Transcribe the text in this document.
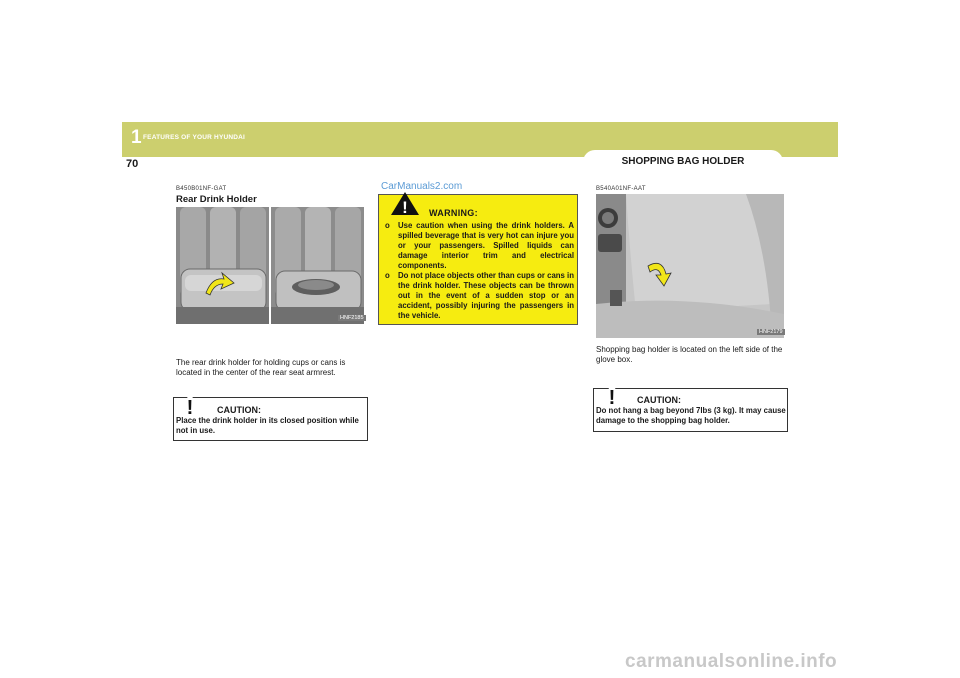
1 FEATURES OF YOUR HYUNDAI
70	SHOPPING BAG HOLDER
B450B01NF-GAT
Rear Drink Holder
HNF2185
The rear drink holder for holding cups or cans is located in the center of the rear seat armrest.
!	CAUTION:
Place the drink holder in its closed position while not in use.
CarManuals2.com
! WARNING:
o Use caution when using the drink holders. A spilled beverage that is very hot can injure you or your passengers. Spilled liquids can damage interior trim and electrical components.
o Do not place objects other than cups or cans in the drink holder. These objects can be thrown out in the event of a sudden stop or an accident, possibly injuring the passengers in the vehicle.
B540A01NF-AAT
HNF2179
Shopping bag holder is located on the left side of the glove box.
! CAUTION:
Do not hang a bag beyond 7lbs (3 kg). It may cause damage to the shopping bag holder.
carmanualsonline.info
